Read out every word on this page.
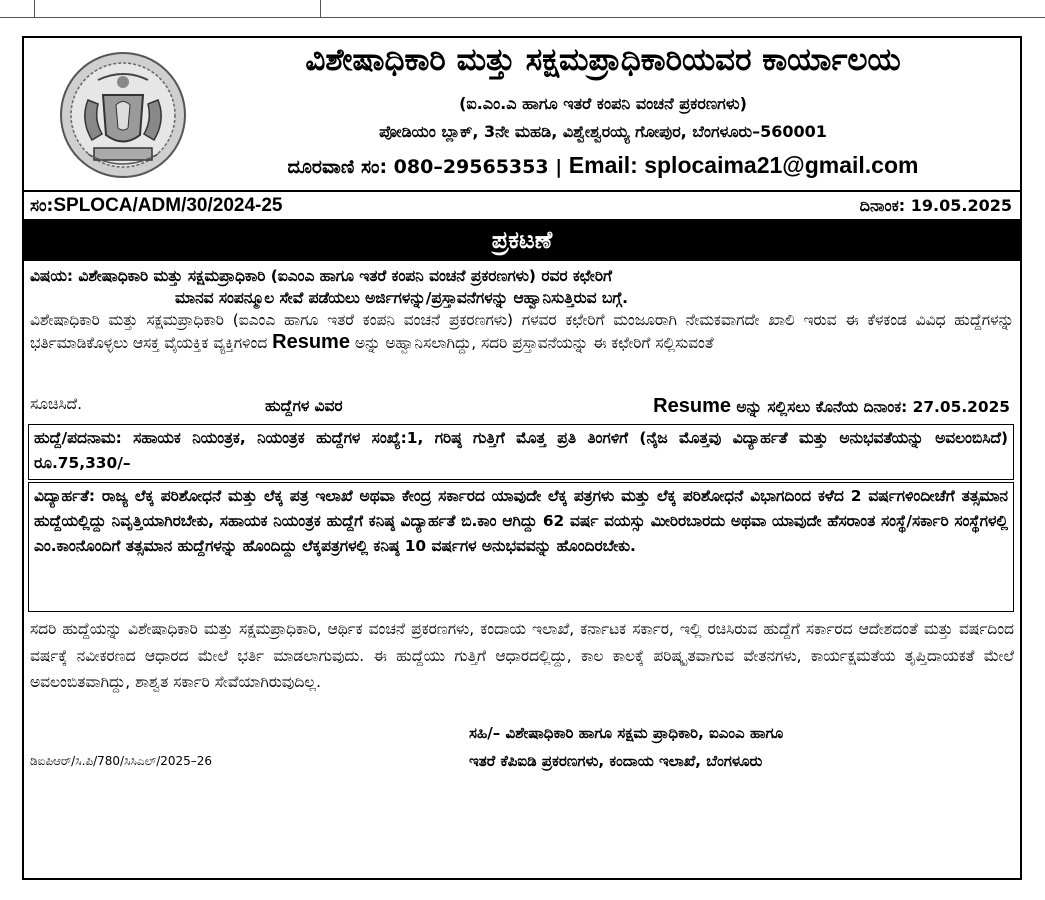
ವಿಶೇಷಾಧಿಕಾರಿ ಮತ್ತು ಸಕ್ಷಮಪ್ರಾಧಿಕಾರಿಯವರ ಕಾರ್ಯಾಲಯ
(ಐ.ಎಂ.ಎ ಹಾಗೂ ಇತರೆ ಕಂಪನಿ ವಂಚನೆ ಪ್ರಕರಣಗಳು)
ಪೋಡಿಯಂ ಬ್ಲಾಕ್, 3ನೇ ಮಹಡಿ, ವಿಶ್ವೇಶ್ವರಯ್ಯ ಗೋಪುರ, ಬೆಂಗಳೂರು–560001
ದೂರವಾಣಿ ಸಂ: 080–29565353 | Email: splocaima21@gmail.com
ಸಂ:SPLOCA/ADM/30/2024-25	ದಿನಾಂಕ: 19.05.2025
ಪ್ರಕಟಣೆ
ವಿಷಯ: ವಿಶೇಷಾಧಿಕಾರಿ ಮತ್ತು ಸಕ್ಷಮಪ್ರಾಧಿಕಾರಿ (ಐಎಂಎ ಹಾಗೂ ಇತರೆ ಕಂಪನಿ ವಂಚನೆ ಪ್ರಕರಣಗಳು) ರವರ ಕಛೇರಿಗೆ
ಮಾನವ ಸಂಪನ್ಮೂಲ ಸೇವೆ ಪಡೆಯಲು ಅರ್ಜಿಗಳನ್ನು/ಪ್ರಸ್ತಾವನೆಗಳನ್ನು ಆಹ್ವಾನಿಸುತ್ತಿರುವ ಬಗ್ಗೆ.
ವಿಶೇಷಾಧಿಕಾರಿ ಮತ್ತು ಸಕ್ಷಮಪ್ರಾಧಿಕಾರಿ (ಐಎಂಎ ಹಾಗೂ ಇತರೆ ಕಂಪನಿ ವಂಚನೆ ಪ್ರಕರಣಗಳು) ಗಳವರ ಕಛೇರಿಗೆ ಮಂಜೂರಾಗಿ ನೇಮಕವಾಗದೇ ಖಾಲಿ ಇರುವ ಈ ಕೆಳಕಂಡ ವಿವಿಧ ಹುದ್ದೆಗಳನ್ನು ಭರ್ತಿಮಾಡಿಕೊಳ್ಳಲು ಆಸಕ್ತ ವೈಯಕ್ತಿಕ ವ್ಯಕ್ತಿಗಳಿಂದ Resume ಅನ್ನು ಅಹ್ವಾನಿಸಲಾಗಿದ್ದು, ಸದರಿ ಪ್ರಸ್ತಾವನೆಯನ್ನು ಈ ಕಛೇರಿಗೆ ಸಲ್ಲಿಸುವಂತೆ
ಸೂಚಿಸಿದೆ.	ಹುದ್ದೆಗಳ ವಿವರ	Resume ಅನ್ನು ಸಲ್ಲಿಸಲು ಕೊನೆಯ ದಿನಾಂಕ: 27.05.2025
ಹುದ್ದೆ/ಪದನಾಮ: ಸಹಾಯಕ ನಿಯಂತ್ರಕ, ನಿಯಂತ್ರಕ ಹುದ್ದೆಗಳ ಸಂಖ್ಯೆ:1, ಗರಿಷ್ಠ ಗುತ್ತಿಗೆ ಮೊತ್ತ ಪ್ರತಿ ತಿಂಗಳಿಗೆ (ನೈಜ ಮೊತ್ತವು ವಿದ್ಯಾರ್ಹತೆ ಮತ್ತು ಅನುಭವತೆಯನ್ನು ಅವಲಂಬಿಸಿದೆ) ರೂ.75,330/–
ವಿದ್ಯಾರ್ಹತೆ: ರಾಜ್ಯ ಲೆಕ್ಕ ಪರಿಶೋಧನೆ ಮತ್ತು ಲೆಕ್ಕ ಪತ್ರ ಇಲಾಖೆ ಅಥವಾ ಕೇಂದ್ರ ಸರ್ಕಾರದ ಯಾವುದೇ ಲೆಕ್ಕ ಪತ್ರಗಳು ಮತ್ತು ಲೆಕ್ಕ ಪರಿಶೋಧನೆ ವಿಭಾಗದಿಂದ ಕಳೆದ 2 ವರ್ಷಗಳಿಂದೀಚೆಗೆ ತತ್ಸಮಾನ ಹುದ್ದೆಯಲ್ಲಿದ್ದು ನಿವೃತ್ತಿಯಾಗಿರಬೇಕು, ಸಹಾಯಕ ನಿಯಂತ್ರಕ ಹುದ್ದೆಗೆ ಕನಿಷ್ಠ ವಿದ್ಯಾರ್ಹತೆ ಬಿ.ಕಾಂ ಆಗಿದ್ದು 62 ವರ್ಷ ವಯಸ್ಸು ಮೀರಿರಬಾರದು ಅಥವಾ ಯಾವುದೇ ಹೆಸರಾಂತ ಸಂಸ್ಥೆ/ಸರ್ಕಾರಿ ಸಂಸ್ಥೆಗಳಲ್ಲಿ ಎಂ.ಕಾಂನೊಂದಿಗೆ ತತ್ಸಮಾನ ಹುದ್ದೆಗಳನ್ನು ಹೊಂದಿದ್ದು ಲೆಕ್ಕಪತ್ರಗಳಲ್ಲಿ ಕನಿಷ್ಠ 10 ವರ್ಷಗಳ ಅನುಭವವನ್ನು ಹೊಂದಿರಬೇಕು.
ಸದರಿ ಹುದ್ದೆಯನ್ನು ವಿಶೇಷಾಧಿಕಾರಿ ಮತ್ತು ಸಕ್ಷಮಪ್ರಾಧಿಕಾರಿ, ಆರ್ಥಿಕ ವಂಚನೆ ಪ್ರಕರಣಗಳು, ಕಂದಾಯ ಇಲಾಖೆ, ಕರ್ನಾಟಕ ಸರ್ಕಾರ, ಇಲ್ಲಿ ರಚಿಸಿರುವ ಹುದ್ದೆಗೆ ಸರ್ಕಾರದ ಆದೇಶದಂತೆ ಮತ್ತು ವರ್ಷದಿಂದ ವರ್ಷಕ್ಕೆ ನವೀಕರಣದ ಆಧಾರದ ಮೇಲೆ ಭರ್ತಿ ಮಾಡಲಾಗುವುದು. ಈ ಹುದ್ದೆಯು ಗುತ್ತಿಗೆ ಆಧಾರದಲ್ಲಿದ್ದು, ಕಾಲ ಕಾಲಕ್ಕೆ ಪರಿಷ್ಕೃತವಾಗುವ ವೇತನಗಳು, ಕಾರ್ಯಕ್ಷಮತೆಯ ತೃಪ್ತಿದಾಯಕತೆ ಮೇಲೆ ಅವಲಂಬಿತವಾಗಿದ್ದು, ಶಾಶ್ವತ ಸರ್ಕಾರಿ ಸೇವೆಯಾಗಿರುವುದಿಲ್ಲ.
ಸಹಿ/– ವಿಶೇಷಾಧಿಕಾರಿ ಹಾಗೂ ಸಕ್ಷಮ ಪ್ರಾಧಿಕಾರಿ, ಐಎಂಎ ಹಾಗೂ
ಡಿಐಪಿಆರ್/ಸಿ.ಪಿ/780/ಸಿಸಿಎಲ್/2025–26	ಇತರೆ ಕೆಪಿಐಡಿ ಪ್ರಕರಣಗಳು, ಕಂದಾಯ ಇಲಾಖೆ, ಬೆಂಗಳೂರು
